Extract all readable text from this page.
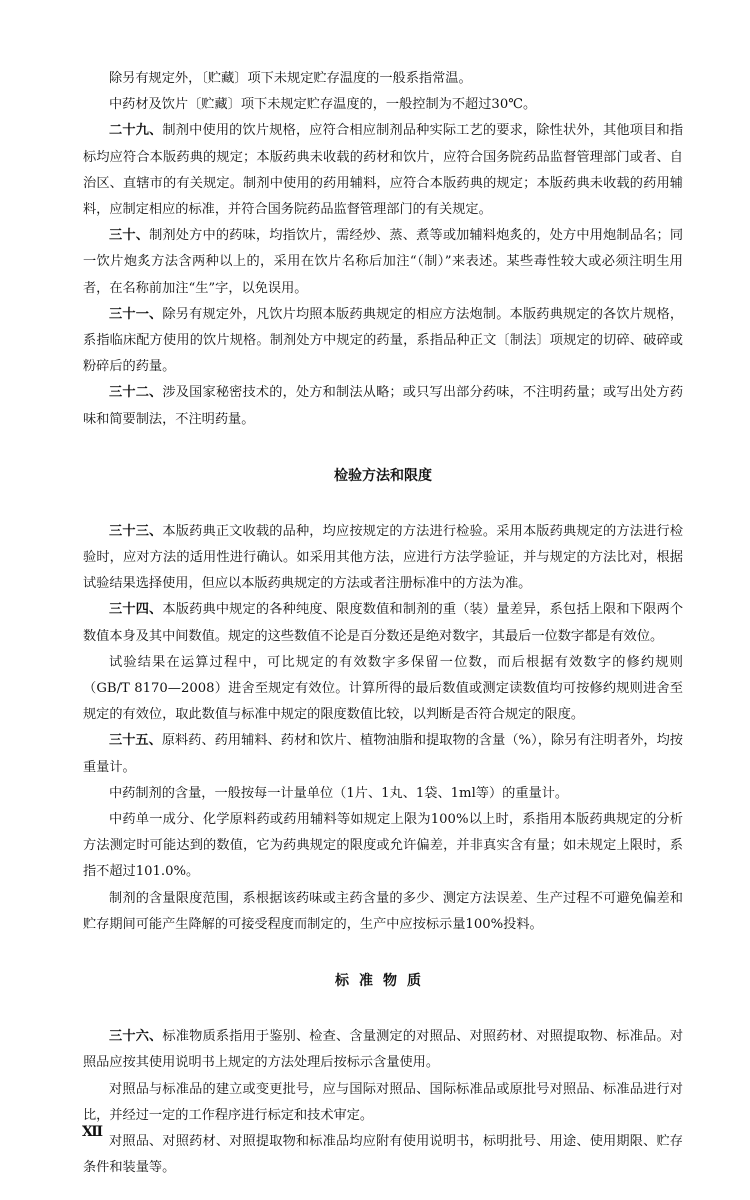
除另有规定外，〔贮藏〕项下未规定贮存温度的一般系指常温。

中药材及饮片〔贮藏〕项下未规定贮存温度的，一般控制为不超过30℃。

二十九、制剂中使用的饮片规格，应符合相应制剂品种实际工艺的要求，除性状外，其他项目和指标均应符合本版药典的规定；本版药典未收载的药材和饮片，应符合国务院药品监督管理部门或者、自治区、直辖市的有关规定。制剂中使用的药用辅料，应符合本版药典的规定；本版药典未收载的药用辅料，应制定相应的标准，并符合国务院药品监督管理部门的有关规定。

三十、制剂处方中的药味，均指饮片，需经炒、蒸、煮等或加辅料炮炙的，处方中用炮制品名；同一饮片炮炙方法含两种以上的，采用在饮片名称后加注“（制）”来表述。某些毒性较大或必须注明生用者，在名称前加注“生”字，以免误用。

三十一、除另有规定外，凡饮片均照本版药典规定的相应方法炮制。本版药典规定的各饮片规格，系指临床配方使用的饮片规格。制剂处方中规定的药量，系指品种正文〔制法〕项规定的切碎、破碎或粉碎后的药量。

三十二、涉及国家秘密技术的，处方和制法从略；或只写出部分药味，不注明药量；或写出处方药味和简要制法，不注明药量。

检验方法和限度

三十三、本版药典正文收载的品种，均应按规定的方法进行检验。采用本版药典规定的方法进行检验时，应对方法的适用性进行确认。如采用其他方法，应进行方法学验证，并与规定的方法比对，根据试验结果选择使用，但应以本版药典规定的方法或者注册标准中的方法为准。

三十四、本版药典中规定的各种纯度、限度数值和制剂的重（装）量差异，系包括上限和下限两个数值本身及其中间数值。规定的这些数值不论是百分数还是绝对数字，其最后一位数字都是有效位。

试验结果在运算过程中，可比规定的有效数字多保留一位数，而后根据有效数字的修约规则（GB/T 8170—2008）进舍至规定有效位。计算所得的最后数值或测定读数值均可按修约规则进舍至规定的有效位，取此数值与标准中规定的限度数值比较，以判断是否符合规定的限度。

三十五、原料药、药用辅料、药材和饮片、植物油脂和提取物的含量（%），除另有注明者外，均按重量计。

中药制剂的含量，一般按每一计量单位（1片、1丸、1袋、1ml等）的重量计。

中药单一成分、化学原料药或药用辅料等如规定上限为100%以上时，系指用本版药典规定的分析方法测定时可能达到的数值，它为药典规定的限度或允许偏差，并非真实含有量；如未规定上限时，系指不超过101.0%。

制剂的含量限度范围，系根据该药味或主药含量的多少、测定方法误差、生产过程不可避免偏差和贮存期间可能产生降解的可接受程度而制定的，生产中应按标示量100%投料。

标准物质

三十六、标准物质系指用于鉴别、检查、含量测定的对照品、对照药材、对照提取物、标准品。对照品应按其使用说明书上规定的方法处理后按标示含量使用。

对照品与标准品的建立或变更批号，应与国际对照品、国际标准品或原批号对照品、标准品进行对比，并经过一定的工作程序进行标定和技术审定。

对照品、对照药材、对照提取物和标准品均应附有使用说明书，标明批号、用途、使用期限、贮存条件和装量等。

Ⅻ
